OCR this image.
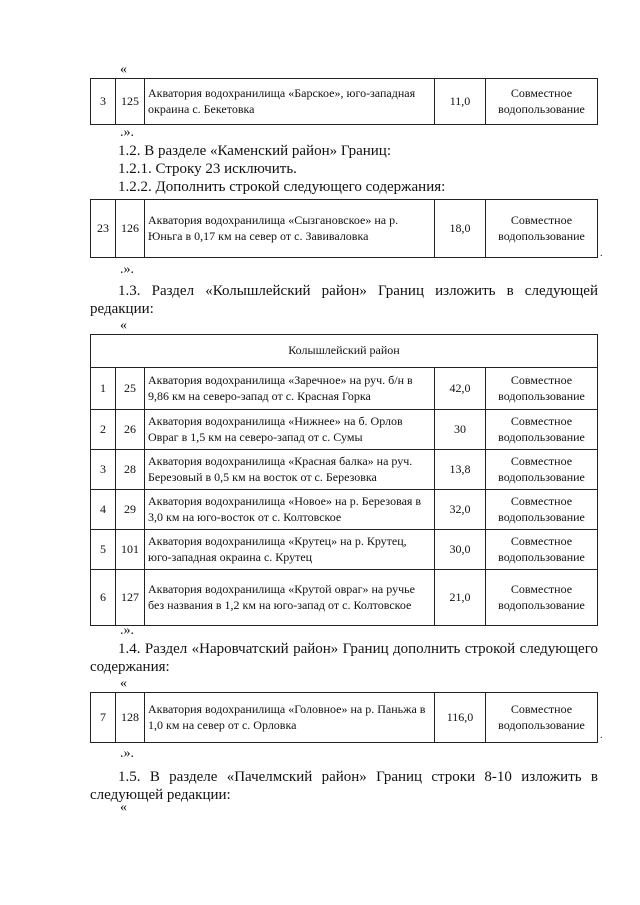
«
3	125	Акватория водохранилища «Барское», юго-западная окраина с. Бекетовка	11,0	Совместное водопользование
.».
1.2. В разделе «Каменский район» Границ:
1.2.1. Строку 23 исключить.
1.2.2. Дополнить строкой следующего содержания:
23	126	Акватория водохранилища «Сызгановское» на р. Юньга в 0,17 км на север от с. Завиваловка	18,0	Совместное водопользование
.
.».
1.3. Раздел «Колышлейский район» Границ изложить в следующей редакции:
«
Колышлейский район				
1	25	Акватория водохранилища «Заречное» на руч. б/н в 9,86 км на северо-запад от с. Красная Горка	42,0	Совместное водопользование
2	26	Акватория водохранилища «Нижнее» на б. Орлов Овраг в 1,5 км на северо-запад от с. Сумы	30	Совместное водопользование
3	28	Акватория водохранилища «Красная балка» на руч. Березовый в 0,5 км на восток от с. Березовка	13,8	Совместное водопользование
4	29	Акватория водохранилища «Новое» на р. Березовая в 3,0 км на юго-восток от с. Колтовское	32,0	Совместное водопользование
5	101	Акватория водохранилища «Крутец» на р. Крутец, юго-западная окраина с. Крутец	30,0	Совместное водопользование
6	127	Акватория водохранилища «Крутой овраг» на ручье без названия в 1,2 км на юго-запад от с. Колтовское	21,0	Совместное водопользование
.».
1.4. Раздел «Наровчатский район» Границ дополнить строкой следующего содержания:
«
7	128	Акватория водохранилища «Головное» на р. Паньжа в 1,0 км на север от с. Орловка	116,0	Совместное водопользование
.
.».
1.5. В разделе «Пачелмский район» Границ строки 8-10 изложить в следующей редакции:
«
